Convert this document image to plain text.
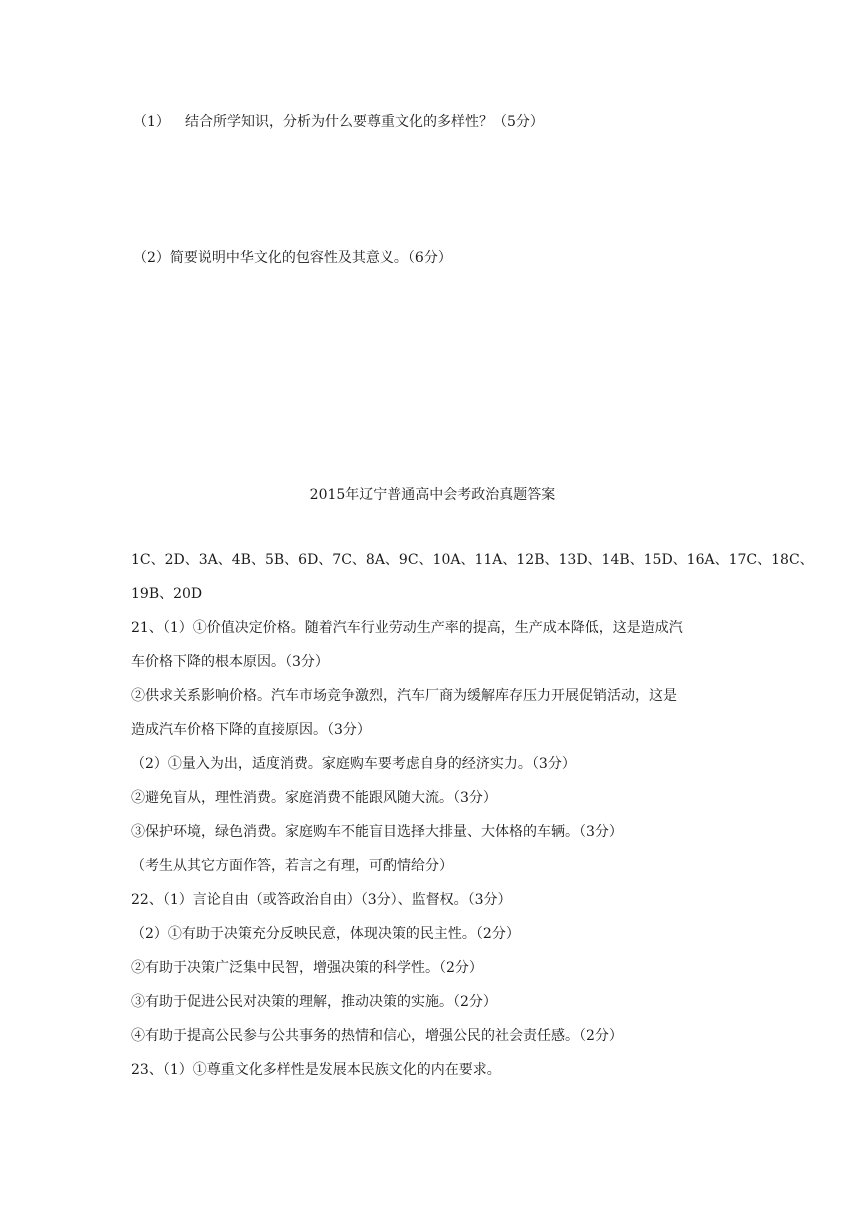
（1） 结合所学知识，分析为什么要尊重文化的多样性？（5分）
（2）简要说明中华文化的包容性及其意义。（6分）
2015年辽宁普通高中会考政治真题答案
1C、2D、3A、4B、5B、6D、7C、8A、9C、10A、11A、12B、13D、14B、15D、16A、17C、18C、
19B、20D
21、（1）①价值决定价格。随着汽车行业劳动生产率的提高，生产成本降低，这是造成汽
车价格下降的根本原因。（3分）
②供求关系影响价格。汽车市场竞争激烈，汽车厂商为缓解库存压力开展促销活动，这是
造成汽车价格下降的直接原因。（3分）
（2）①量入为出，适度消费。家庭购车要考虑自身的经济实力。（3分）
②避免盲从，理性消费。家庭消费不能跟风随大流。（3分）
③保护环境，绿色消费。家庭购车不能盲目选择大排量、大体格的车辆。（3分）
（考生从其它方面作答，若言之有理，可酌情给分）
22、（1）言论自由（或答政治自由）（3分）、监督权。（3分）
（2）①有助于决策充分反映民意，体现决策的民主性。（2分）
②有助于决策广泛集中民智，增强决策的科学性。（2分）
③有助于促进公民对决策的理解，推动决策的实施。（2分）
④有助于提高公民参与公共事务的热情和信心，增强公民的社会责任感。（2分）
23、（1）①尊重文化多样性是发展本民族文化的内在要求。
